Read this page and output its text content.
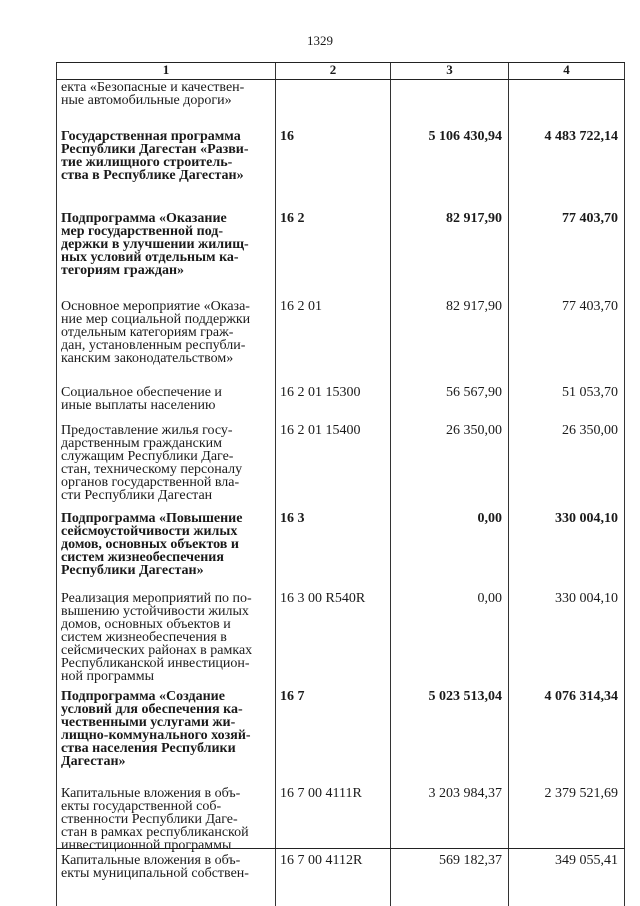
1329
1	2	3	4
екта «Безопасные и качествен-
ные автомобильные дороги»
Государственная программа
Республики Дагестан «Разви-
тие жилищного строитель-
ства в Республике Дагестан»
16	5 106 430,94	4 483 722,14
Подпрограмма «Оказание
мер государственной под-
держки в улучшении жилищ-
ных условий отдельным ка-
тегориям граждан»
16 2	82 917,90	77 403,70
Основное мероприятие «Оказа-
ние мер социальной поддержки
отдельным категориям граж-
дан, установленным республи-
канским законодательством»
16 2 01	82 917,90	77 403,70
Социальное обеспечение и
иные выплаты населению
16 2 01 15300	56 567,90	51 053,70
Предоставление жилья госу-
дарственным гражданским
служащим Республики Даге-
стан, техническому персоналу
органов государственной вла-
сти Республики Дагестан
16 2 01 15400	26 350,00	26 350,00
Подпрограмма «Повышение
сейсмоустойчивости жилых
домов, основных объектов и
систем жизнеобеспечения
Республики Дагестан»
16 3	0,00	330 004,10
Реализация мероприятий по по-
вышению устойчивости жилых
домов, основных объектов и
систем жизнеобеспечения в
сейсмических районах в рамках
Республиканской инвестицион-
ной программы
16 3 00 R540R	0,00	330 004,10
Подпрограмма «Создание
условий для обеспечения ка-
чественными услугами жи-
лищно-коммунального хозяй-
ства населения Республики
Дагестан»
16 7	5 023 513,04	4 076 314,34
Капитальные вложения в объ-
екты государственной соб-
ственности Республики Даге-
стан в рамках республиканской
инвестиционной программы
16 7 00 4111R	3 203 984,37	2 379 521,69
Капитальные вложения в объ-
екты муниципальной собствен-
16 7 00 4112R	569 182,37	349 055,41
